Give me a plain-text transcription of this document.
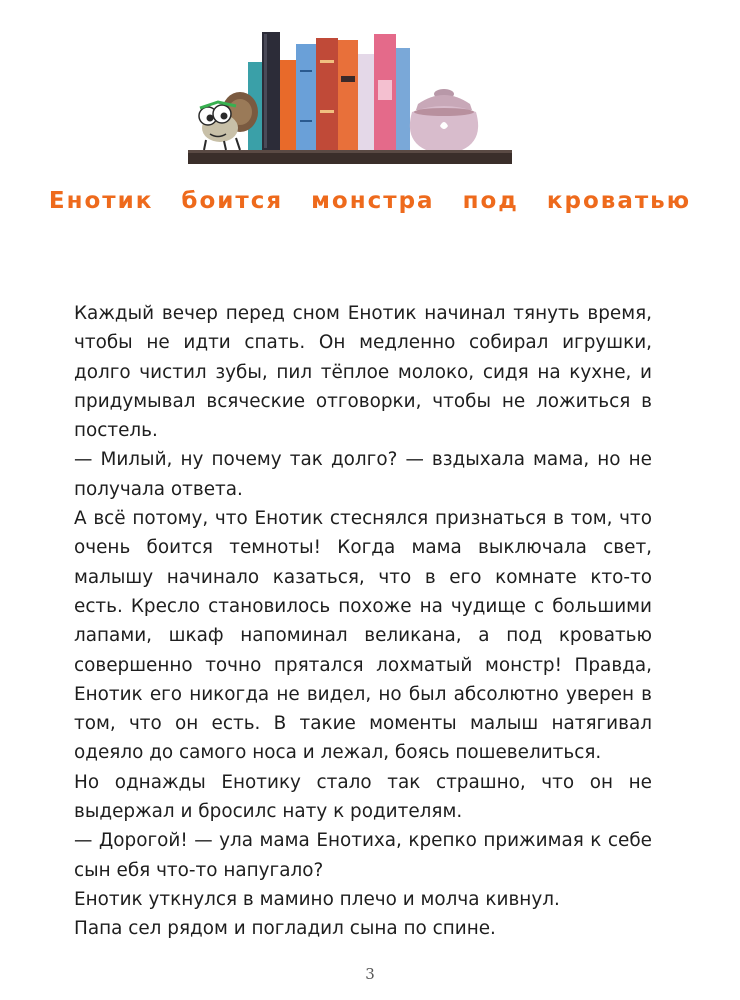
Енотик боится монстра под кроватью

Каждый вечер перед сном Енотик начинал тянуть время, чтобы не идти спать. Он медленно собирал игрушки, долго чистил зубы, пил тёплое молоко, сидя на кухне, и придумывал всяческие отговорки, чтобы не ложиться в постель.

— Милый, ну почему так долго? — вздыхала мама, но не получала ответа.

А всё потому, что Енотик стеснялся признаться в том, что очень боится темноты! Когда мама выключала свет, малышу начинало казаться, что в его комнате кто-то есть. Кресло становилось похоже на чудище с большими лапами, шкаф напоминал великана, а под кроватью совершенно точно прятался лохматый монстр! Правда, Енотик его никогда не видел, но был абсолютно уверен в том, что он есть. В такие моменты малыш натягивал одеяло до самого носа и лежал, боясь пошевелиться.

Но однажды Енотику стало так страшно, что он не выдержал и бросилс нату к родителям.

— Дорогой! — ула мама Енотиха, крепко прижимая к себе сын ебя что-то напугало?

Енотик уткнулся в мамино плечо и молча кивнул.

Папа сел рядом и погладил сына по спине.

3
